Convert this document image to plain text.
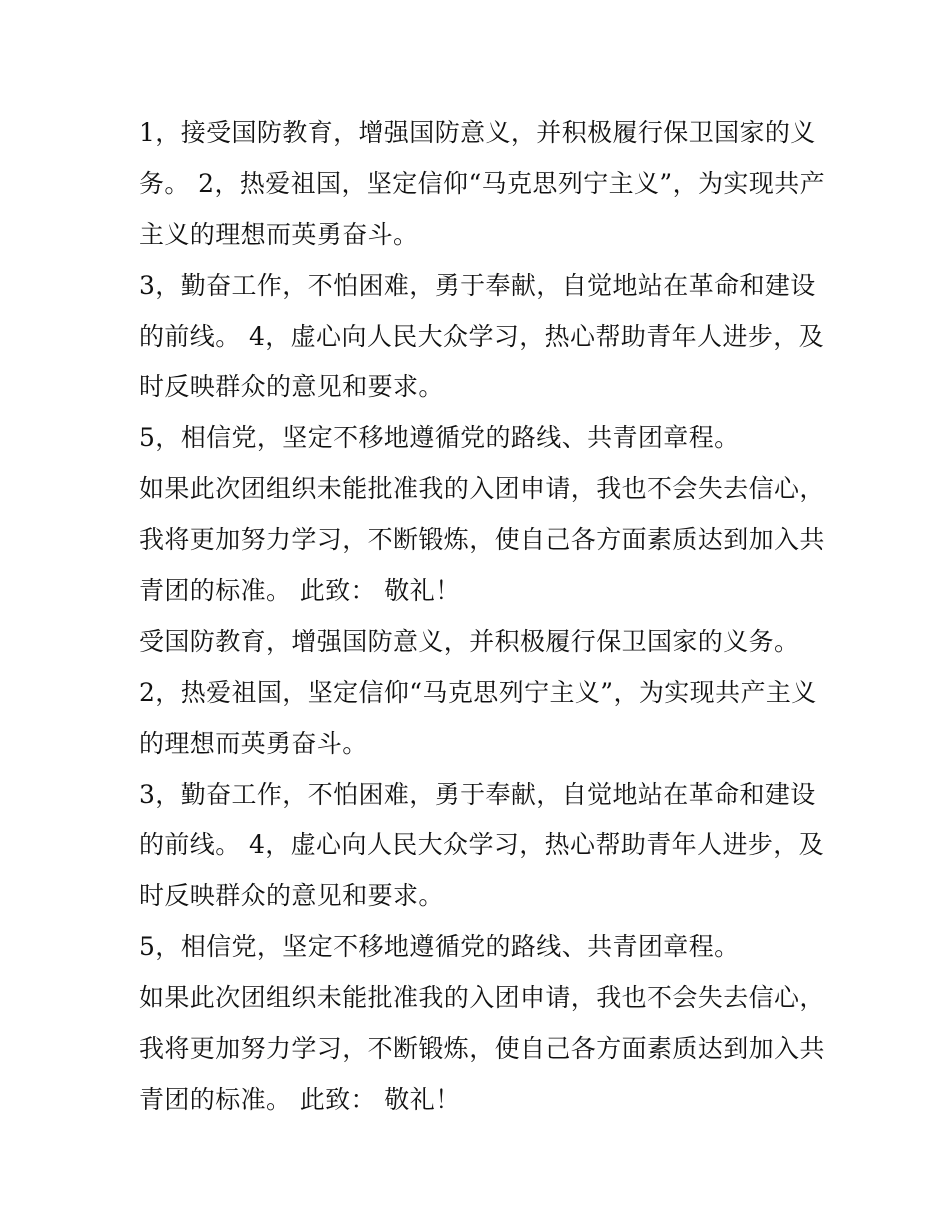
1，接受国防教育，增强国防意义，并积极履行保卫国家的义
务。 2，热爱祖国，坚定信仰“马克思列宁主义”，为实现共产
主义的理想而英勇奋斗。
3，勤奋工作，不怕困难，勇于奉献，自觉地站在革命和建设
的前线。 4，虚心向人民大众学习，热心帮助青年人进步，及
时反映群众的意见和要求。
5，相信党，坚定不移地遵循党的路线、共青团章程。
如果此次团组织未能批准我的入团申请，我也不会失去信心，
我将更加努力学习，不断锻炼，使自己各方面素质达到加入共
青团的标准。 此致： 敬礼！
受国防教育，增强国防意义，并积极履行保卫国家的义务。
2，热爱祖国，坚定信仰“马克思列宁主义”，为实现共产主义
的理想而英勇奋斗。
3，勤奋工作，不怕困难，勇于奉献，自觉地站在革命和建设
的前线。 4，虚心向人民大众学习，热心帮助青年人进步，及
时反映群众的意见和要求。
5，相信党，坚定不移地遵循党的路线、共青团章程。
如果此次团组织未能批准我的入团申请，我也不会失去信心，
我将更加努力学习，不断锻炼，使自己各方面素质达到加入共
青团的标准。 此致： 敬礼！
